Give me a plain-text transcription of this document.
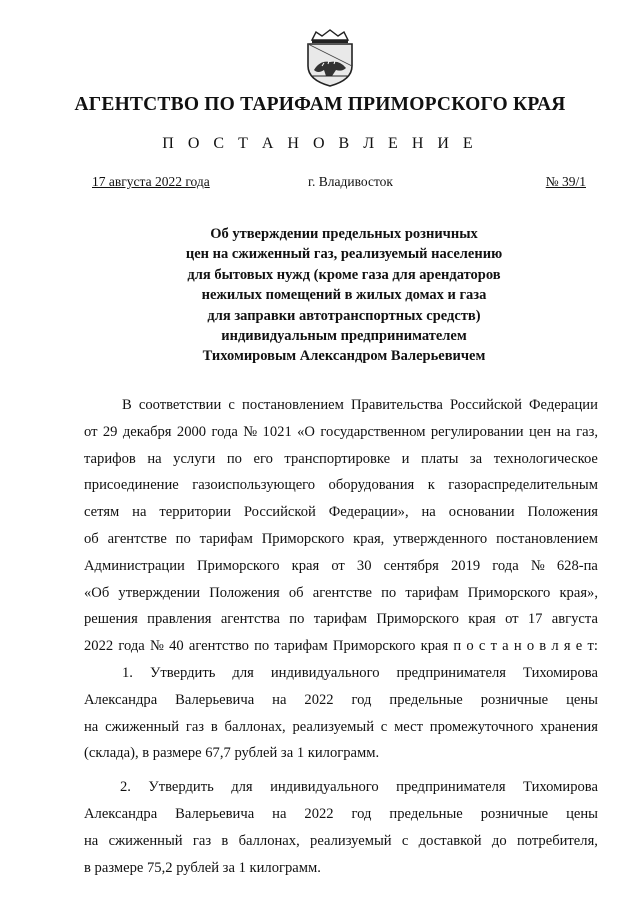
АГЕНТСТВО ПО ТАРИФАМ ПРИМОРСКОГО КРАЯ
П О С Т А Н О В Л Е Н И Е
17 августа 2022 года	г. Владивосток	№ 39/1
Об утверждении предельных розничных
цен на сжиженный газ, реализуемый населению
для бытовых нужд (кроме газа для арендаторов
нежилых помещений в жилых домах и газа
для заправки автотранспортных средств)
индивидуальным предпринимателем
Тихомировым Александром Валерьевичем
В соответствии с постановлением Правительства Российской Федерации
от 29 декабря 2000 года № 1021 «О государственном регулировании цен на газ,
тарифов на услуги по его транспортировке и платы за технологическое
присоединение газоиспользующего оборудования к газораспределительным
сетям на территории Российской Федерации», на основании Положения
об агентстве по тарифам Приморского края, утвержденного постановлением
Администрации Приморского края от 30 сентября 2019 года № 628-па
«Об утверждении Положения об агентстве по тарифам Приморского края»,
решения правления агентства по тарифам Приморского края от 17 августа
2022 года № 40 агентство по тарифам Приморского края п о с т а н о в л я е т:
1. Утвердить для индивидуального предпринимателя Тихомирова
Александра Валерьевича на 2022 год предельные розничные цены
на сжиженный газ в баллонах, реализуемый с мест промежуточного хранения
(склада), в размере 67,7 рублей за 1 килограмм.
2. Утвердить для индивидуального предпринимателя Тихомирова
Александра Валерьевича на 2022 год предельные розничные цены
на сжиженный газ в баллонах, реализуемый с доставкой до потребителя,
в размере 75,2 рублей за 1 килограмм.
